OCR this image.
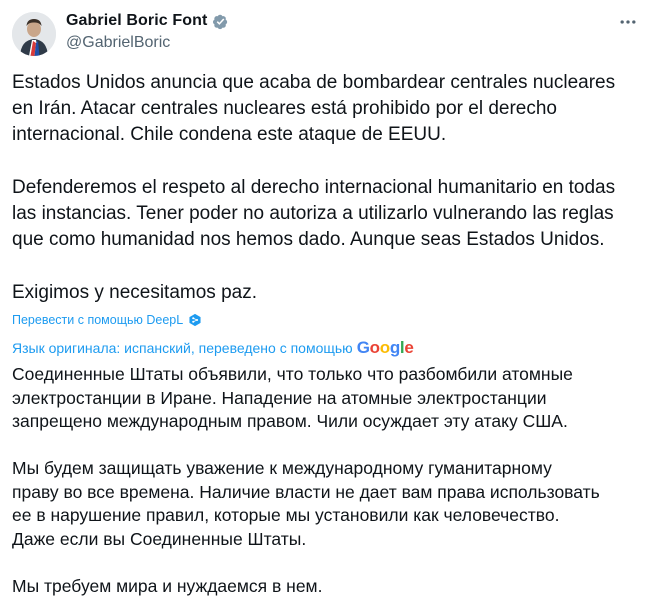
Gabriel Boric Font
@GabrielBoric

Estados Unidos anuncia que acaba de bombardear centrales nucleares
en Irán. Atacar centrales nucleares está prohibido por el derecho
internacional. Chile condena este ataque de EEUU.

Defenderemos el respeto al derecho internacional humanitario en todas
las instancias. Tener poder no autoriza a utilizarlo vulnerando las reglas
que como humanidad nos hemos dado. Aunque seas Estados Unidos.

Exigimos y necesitamos paz.

Перевести с помощью DeepL
Язык оригинала: испанский, переведено с помощью Google

Соединенные Штаты объявили, что только что разбомбили атомные
электростанции в Иране. Нападение на атомные электростанции
запрещено международным правом. Чили осуждает эту атаку США.

Мы будем защищать уважение к международному гуманитарному
праву во все времена. Наличие власти не дает вам права использовать
ее в нарушение правил, которые мы установили как человечество.
Даже если вы Соединенные Штаты.

Мы требуем мира и нуждаемся в нем.
